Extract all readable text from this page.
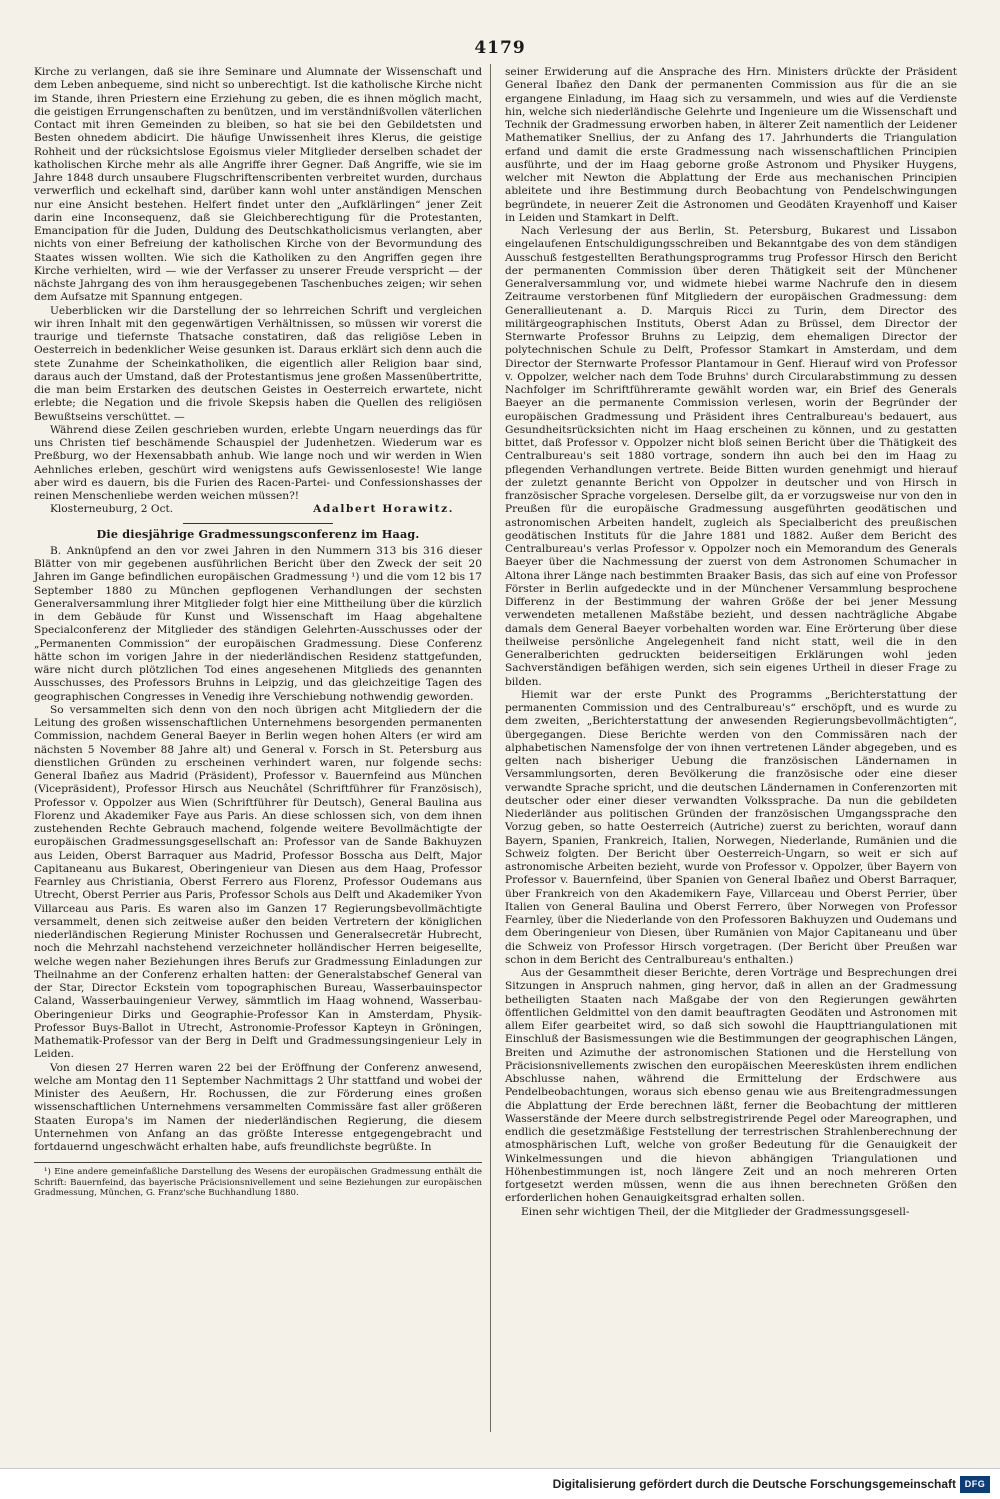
4179

Kirche zu verlangen, daß sie ihre Seminare und Alumnate der Wissenschaft und dem Leben anbequeme, sind nicht so unberechtigt. Ist die katholische Kirche nicht im Stande, ihren Priestern eine Erziehung zu geben, die es ihnen möglich macht, die geistigen Errungenschaften zu benützen, und im verständnißvollen väterlichen Contact mit ihren Gemeinden zu bleiben, so hat sie bei den Gebildetsten und Besten ohnedem abdicirt. Die häufige Unwissenheit ihres Klerus, die geistige Rohheit und der rücksichtslose Egoismus vieler Mitglieder derselben schadet der katholischen Kirche mehr als alle Angriffe ihrer Gegner. Daß Angriffe, wie sie im Jahre 1848 durch unsaubere Flugschriftenscribenten verbreitet wurden, durchaus verwerflich und eckelhaft sind, darüber kann wohl unter anständigen Menschen nur eine Ansicht bestehen. Helfert findet unter den „Aufklärlingen“ jener Zeit darin eine Inconsequenz, daß sie Gleichberechtigung für die Protestanten, Emancipation für die Juden, Duldung des Deutschkatholicismus verlangten, aber nichts von einer Befreiung der katholischen Kirche von der Bevormundung des Staates wissen wollten. Wie sich die Katholiken zu den Angriffen gegen ihre Kirche verhielten, wird — wie der Verfasser zu unserer Freude verspricht — der nächste Jahrgang des von ihm herausgegebenen Taschenbuches zeigen; wir sehen dem Aufsatze mit Spannung entgegen.

Ueberblicken wir die Darstellung der so lehrreichen Schrift und vergleichen wir ihren Inhalt mit den gegenwärtigen Verhältnissen, so müssen wir vorerst die traurige und tiefernste Thatsache constatiren, daß das religiöse Leben in Oesterreich in bedenklicher Weise gesunken ist. Daraus erklärt sich denn auch die stete Zunahme der Scheinkatholiken, die eigentlich aller Religion baar sind, daraus auch der Umstand, daß der Protestantismus jene großen Massenübertritte, die man beim Erstarken des deutschen Geistes in Oesterreich erwartete, nicht erlebte; die Negation und die frivole Skepsis haben die Quellen des religiösen Bewußtseins verschüttet. —

Während diese Zeilen geschrieben wurden, erlebte Ungarn neuerdings das für uns Christen tief beschämende Schauspiel der Judenhetzen. Wiederum war es Preßburg, wo der Hexensabbath anhub. Wie lange noch und wir werden in Wien Aehnliches erleben, geschürt wird wenigstens aufs Gewissenloseste! Wie lange aber wird es dauern, bis die Furien des Racen-Partei- und Confessionshasses der reinen Menschenliebe werden weichen müssen?!

Klosterneuburg, 2 Oct.	Adalbert Horawitz.
Die diesjährige Gradmessungsconferenz im Haag.

B. Anknüpfend an den vor zwei Jahren in den Nummern 313 bis 316 dieser Blätter von mir gegebenen ausführlichen Bericht über den Zweck der seit 20 Jahren im Gange befindlichen europäischen Gradmessung ¹) und die vom 12 bis 17 September 1880 zu München gepflogenen Verhandlungen der sechsten Generalversammlung ihrer Mitglieder folgt hier eine Mittheilung über die kürzlich in dem Gebäude für Kunst und Wissenschaft im Haag abgehaltene Specialconferenz der Mitglieder des ständigen Gelehrten-Ausschusses oder der „Permanenten Commission“ der europäischen Gradmessung. Diese Conferenz hätte schon im vorigen Jahre in der niederländischen Residenz stattgefunden, wäre nicht durch plötzlichen Tod eines angesehenen Mitglieds des genannten Ausschusses, des Professors Bruhns in Leipzig, und das gleichzeitige Tagen des geographischen Congresses in Venedig ihre Verschiebung nothwendig geworden.

So versammelten sich denn von den noch übrigen acht Mitgliedern der die Leitung des großen wissenschaftlichen Unternehmens besorgenden permanenten Commission, nachdem General Baeyer in Berlin wegen hohen Alters (er wird am nächsten 5 November 88 Jahre alt) und General v. Forsch in St. Petersburg aus dienstlichen Gründen zu erscheinen verhindert waren, nur folgende sechs: General Ibañez aus Madrid (Präsident), Professor v. Bauernfeind aus München (Vicepräsident), Professor Hirsch aus Neuchâtel (Schriftführer für Französisch), Professor v. Oppolzer aus Wien (Schriftführer für Deutsch), General Baulina aus Florenz und Akademiker Faye aus Paris. An diese schlossen sich, von dem ihnen zustehenden Rechte Gebrauch machend, folgende weitere Bevollmächtigte der europäischen Gradmessungsgesellschaft an: Professor van de Sande Bakhuyzen aus Leiden, Oberst Barraquer aus Madrid, Professor Bosscha aus Delft, Major Capitaneanu aus Bukarest, Oberingenieur van Diesen aus dem Haag, Professor Fearnley aus Christiania, Oberst Ferrero aus Florenz, Professor Oudemans aus Utrecht, Oberst Perrier aus Paris, Professor Schols aus Delft und Akademiker Yvon Villarceau aus Paris. Es waren also im Ganzen 17 Regierungsbevollmächtigte versammelt, denen sich zeitweise außer den beiden Vertretern der königlichen niederländischen Regierung Minister Rochussen und Generalsecretär Hubrecht, noch die Mehrzahl nachstehend verzeichneter holländischer Herren beigesellte, welche wegen naher Beziehungen ihres Berufs zur Gradmessung Einladungen zur Theilnahme an der Conferenz erhalten hatten: der Generalstabschef General van der Star, Director Eckstein vom topographischen Bureau, Wasserbauinspector Caland, Wasserbauingenieur Verwey, sämmtlich im Haag wohnend, Wasserbau-Oberingenieur Dirks und Geographie-Professor Kan in Amsterdam, Physik-Professor Buys-Ballot in Utrecht, Astronomie-Professor Kapteyn in Gröningen, Mathematik-Professor van der Berg in Delft und Gradmessungsingenieur Lely in Leiden.

Von diesen 27 Herren waren 22 bei der Eröffnung der Conferenz anwesend, welche am Montag den 11 September Nachmittags 2 Uhr stattfand und wobei der Minister des Aeußern, Hr. Rochussen, die zur Förderung eines großen wissenschaftlichen Unternehmens versammelten Commissäre fast aller größeren Staaten Europa's im Namen der niederländischen Regierung, die diesem Unternehmen von Anfang an das größte Interesse entgegengebracht und fortdauernd ungeschwächt erhalten habe, aufs freundlichste begrüßte. In

¹) Eine andere gemeinfaßliche Darstellung des Wesens der europäischen Gradmessung enthält die Schrift: Bauernfeind, das bayerische Präcisionsnivellement und seine Beziehungen zur europäischen Gradmessung, München, G. Franz'sche Buchhandlung 1880.

seiner Erwiderung auf die Ansprache des Hrn. Ministers drückte der Präsident General Ibañez den Dank der permanenten Commission aus für die an sie ergangene Einladung, im Haag sich zu versammeln, und wies auf die Verdienste hin, welche sich niederländische Gelehrte und Ingenieure um die Wissenschaft und Technik der Gradmessung erworben haben, in älterer Zeit namentlich der Leidener Mathematiker Snellius, der zu Anfang des 17. Jahrhunderts die Triangulation erfand und damit die erste Gradmessung nach wissenschaftlichen Principien ausführte, und der im Haag geborne große Astronom und Physiker Huygens, welcher mit Newton die Abplattung der Erde aus mechanischen Principien ableitete und ihre Bestimmung durch Beobachtung von Pendelschwingungen begründete, in neuerer Zeit die Astronomen und Geodäten Krayenhoff und Kaiser in Leiden und Stamkart in Delft.

Nach Verlesung der aus Berlin, St. Petersburg, Bukarest und Lissabon eingelaufenen Entschuldigungsschreiben und Bekanntgabe des von dem ständigen Ausschuß festgestellten Berathungsprogramms trug Professor Hirsch den Bericht der permanenten Commission über deren Thätigkeit seit der Münchener Generalversammlung vor, und widmete hiebei warme Nachrufe den in diesem Zeitraume verstorbenen fünf Mitgliedern der europäischen Gradmessung: dem Generallieutenant a. D. Marquis Ricci zu Turin, dem Director des militärgeographischen Instituts, Oberst Adan zu Brüssel, dem Director der Sternwarte Professor Bruhns zu Leipzig, dem ehemaligen Director der polytechnischen Schule zu Delft, Professor Stamkart in Amsterdam, und dem Director der Sternwarte Professor Plantamour in Genf. Hierauf wird von Professor v. Oppolzer, welcher nach dem Tode Bruhns' durch Circularabstimmung zu dessen Nachfolger im Schriftführeramte gewählt worden war, ein Brief des Generals Baeyer an die permanente Commission verlesen, worin der Begründer der europäischen Gradmessung und Präsident ihres Centralbureau's bedauert, aus Gesundheitsrücksichten nicht im Haag erscheinen zu können, und zu gestatten bittet, daß Professor v. Oppolzer nicht bloß seinen Bericht über die Thätigkeit des Centralbureau's seit 1880 vortrage, sondern ihn auch bei den im Haag zu pflegenden Verhandlungen vertrete. Beide Bitten wurden genehmigt und hierauf der zuletzt genannte Bericht von Oppolzer in deutscher und von Hirsch in französischer Sprache vorgelesen. Derselbe gilt, da er vorzugsweise nur von den in Preußen für die europäische Gradmessung ausgeführten geodätischen und astronomischen Arbeiten handelt, zugleich als Specialbericht des preußischen geodätischen Instituts für die Jahre 1881 und 1882. Außer dem Bericht des Centralbureau's verlas Professor v. Oppolzer noch ein Memorandum des Generals Baeyer über die Nachmessung der zuerst von dem Astronomen Schumacher in Altona ihrer Länge nach bestimmten Braaker Basis, das sich auf eine von Professor Förster in Berlin aufgedeckte und in der Münchener Versammlung besprochene Differenz in der Bestimmung der wahren Größe der bei jener Messung verwendeten metallenen Maßstäbe bezieht, und dessen nachträgliche Abgabe damals dem General Baeyer vorbehalten worden war. Eine Erörterung über diese theilweise persönliche Angelegenheit fand nicht statt, weil die in den Generalberichten gedruckten beiderseitigen Erklärungen wohl jeden Sachverständigen befähigen werden, sich sein eigenes Urtheil in dieser Frage zu bilden.

Hiemit war der erste Punkt des Programms „Berichterstattung der permanenten Commission und des Centralbureau's“ erschöpft, und es wurde zu dem zweiten, „Berichterstattung der anwesenden Regierungsbevollmächtigten“, übergegangen. Diese Berichte werden von den Commissären nach der alphabetischen Namensfolge der von ihnen vertretenen Länder abgegeben, und es gelten nach bisheriger Uebung die französischen Ländernamen in Versammlungsorten, deren Bevölkerung die französische oder eine dieser verwandte Sprache spricht, und die deutschen Ländernamen in Conferenzorten mit deutscher oder einer dieser verwandten Volkssprache. Da nun die gebildeten Niederländer aus politischen Gründen der französischen Umgangssprache den Vorzug geben, so hatte Oesterreich (Autriche) zuerst zu berichten, worauf dann Bayern, Spanien, Frankreich, Italien, Norwegen, Niederlande, Rumänien und die Schweiz folgten. Der Bericht über Oesterreich-Ungarn, so weit er sich auf astronomische Arbeiten bezieht, wurde von Professor v. Oppolzer, über Bayern von Professor v. Bauernfeind, über Spanien von General Ibañez und Oberst Barraquer, über Frankreich von den Akademikern Faye, Villarceau und Oberst Perrier, über Italien von General Baulina und Oberst Ferrero, über Norwegen von Professor Fearnley, über die Niederlande von den Professoren Bakhuyzen und Oudemans und dem Oberingenieur von Diesen, über Rumänien von Major Capitaneanu und über die Schweiz von Professor Hirsch vorgetragen. (Der Bericht über Preußen war schon in dem Bericht des Centralbureau's enthalten.)

Aus der Gesammtheit dieser Berichte, deren Vorträge und Besprechungen drei Sitzungen in Anspruch nahmen, ging hervor, daß in allen an der Gradmessung betheiligten Staaten nach Maßgabe der von den Regierungen gewährten öffentlichen Geldmittel von den damit beauftragten Geodäten und Astronomen mit allem Eifer gearbeitet wird, so daß sich sowohl die Haupttriangulationen mit Einschluß der Basismessungen wie die Bestimmungen der geographischen Längen, Breiten und Azimuthe der astronomischen Stationen und die Herstellung von Präcisionsnivellements zwischen den europäischen Meeresküsten ihrem endlichen Abschlusse nahen, während die Ermittelung der Erdschwere aus Pendelbeobachtungen, woraus sich ebenso genau wie aus Breitengradmessungen die Abplattung der Erde berechnen läßt, ferner die Beobachtung der mittleren Wasserstände der Meere durch selbstregistrirende Pegel oder Mareographen, und endlich die gesetzmäßige Feststellung der terrestrischen Strahlenberechnung der atmosphärischen Luft, welche von großer Bedeutung für die Genauigkeit der Winkelmessungen und die hievon abhängigen Triangulationen und Höhenbestimmungen ist, noch längere Zeit und an noch mehreren Orten fortgesetzt werden müssen, wenn die aus ihnen berechneten Größen den erforderlichen hohen Genauigkeitsgrad erhalten sollen.

Einen sehr wichtigen Theil, der die Mitglieder der Gradmessungsgesell-

Digitalisierung gefördert durch die Deutsche Forschungsgemeinschaft DFG
